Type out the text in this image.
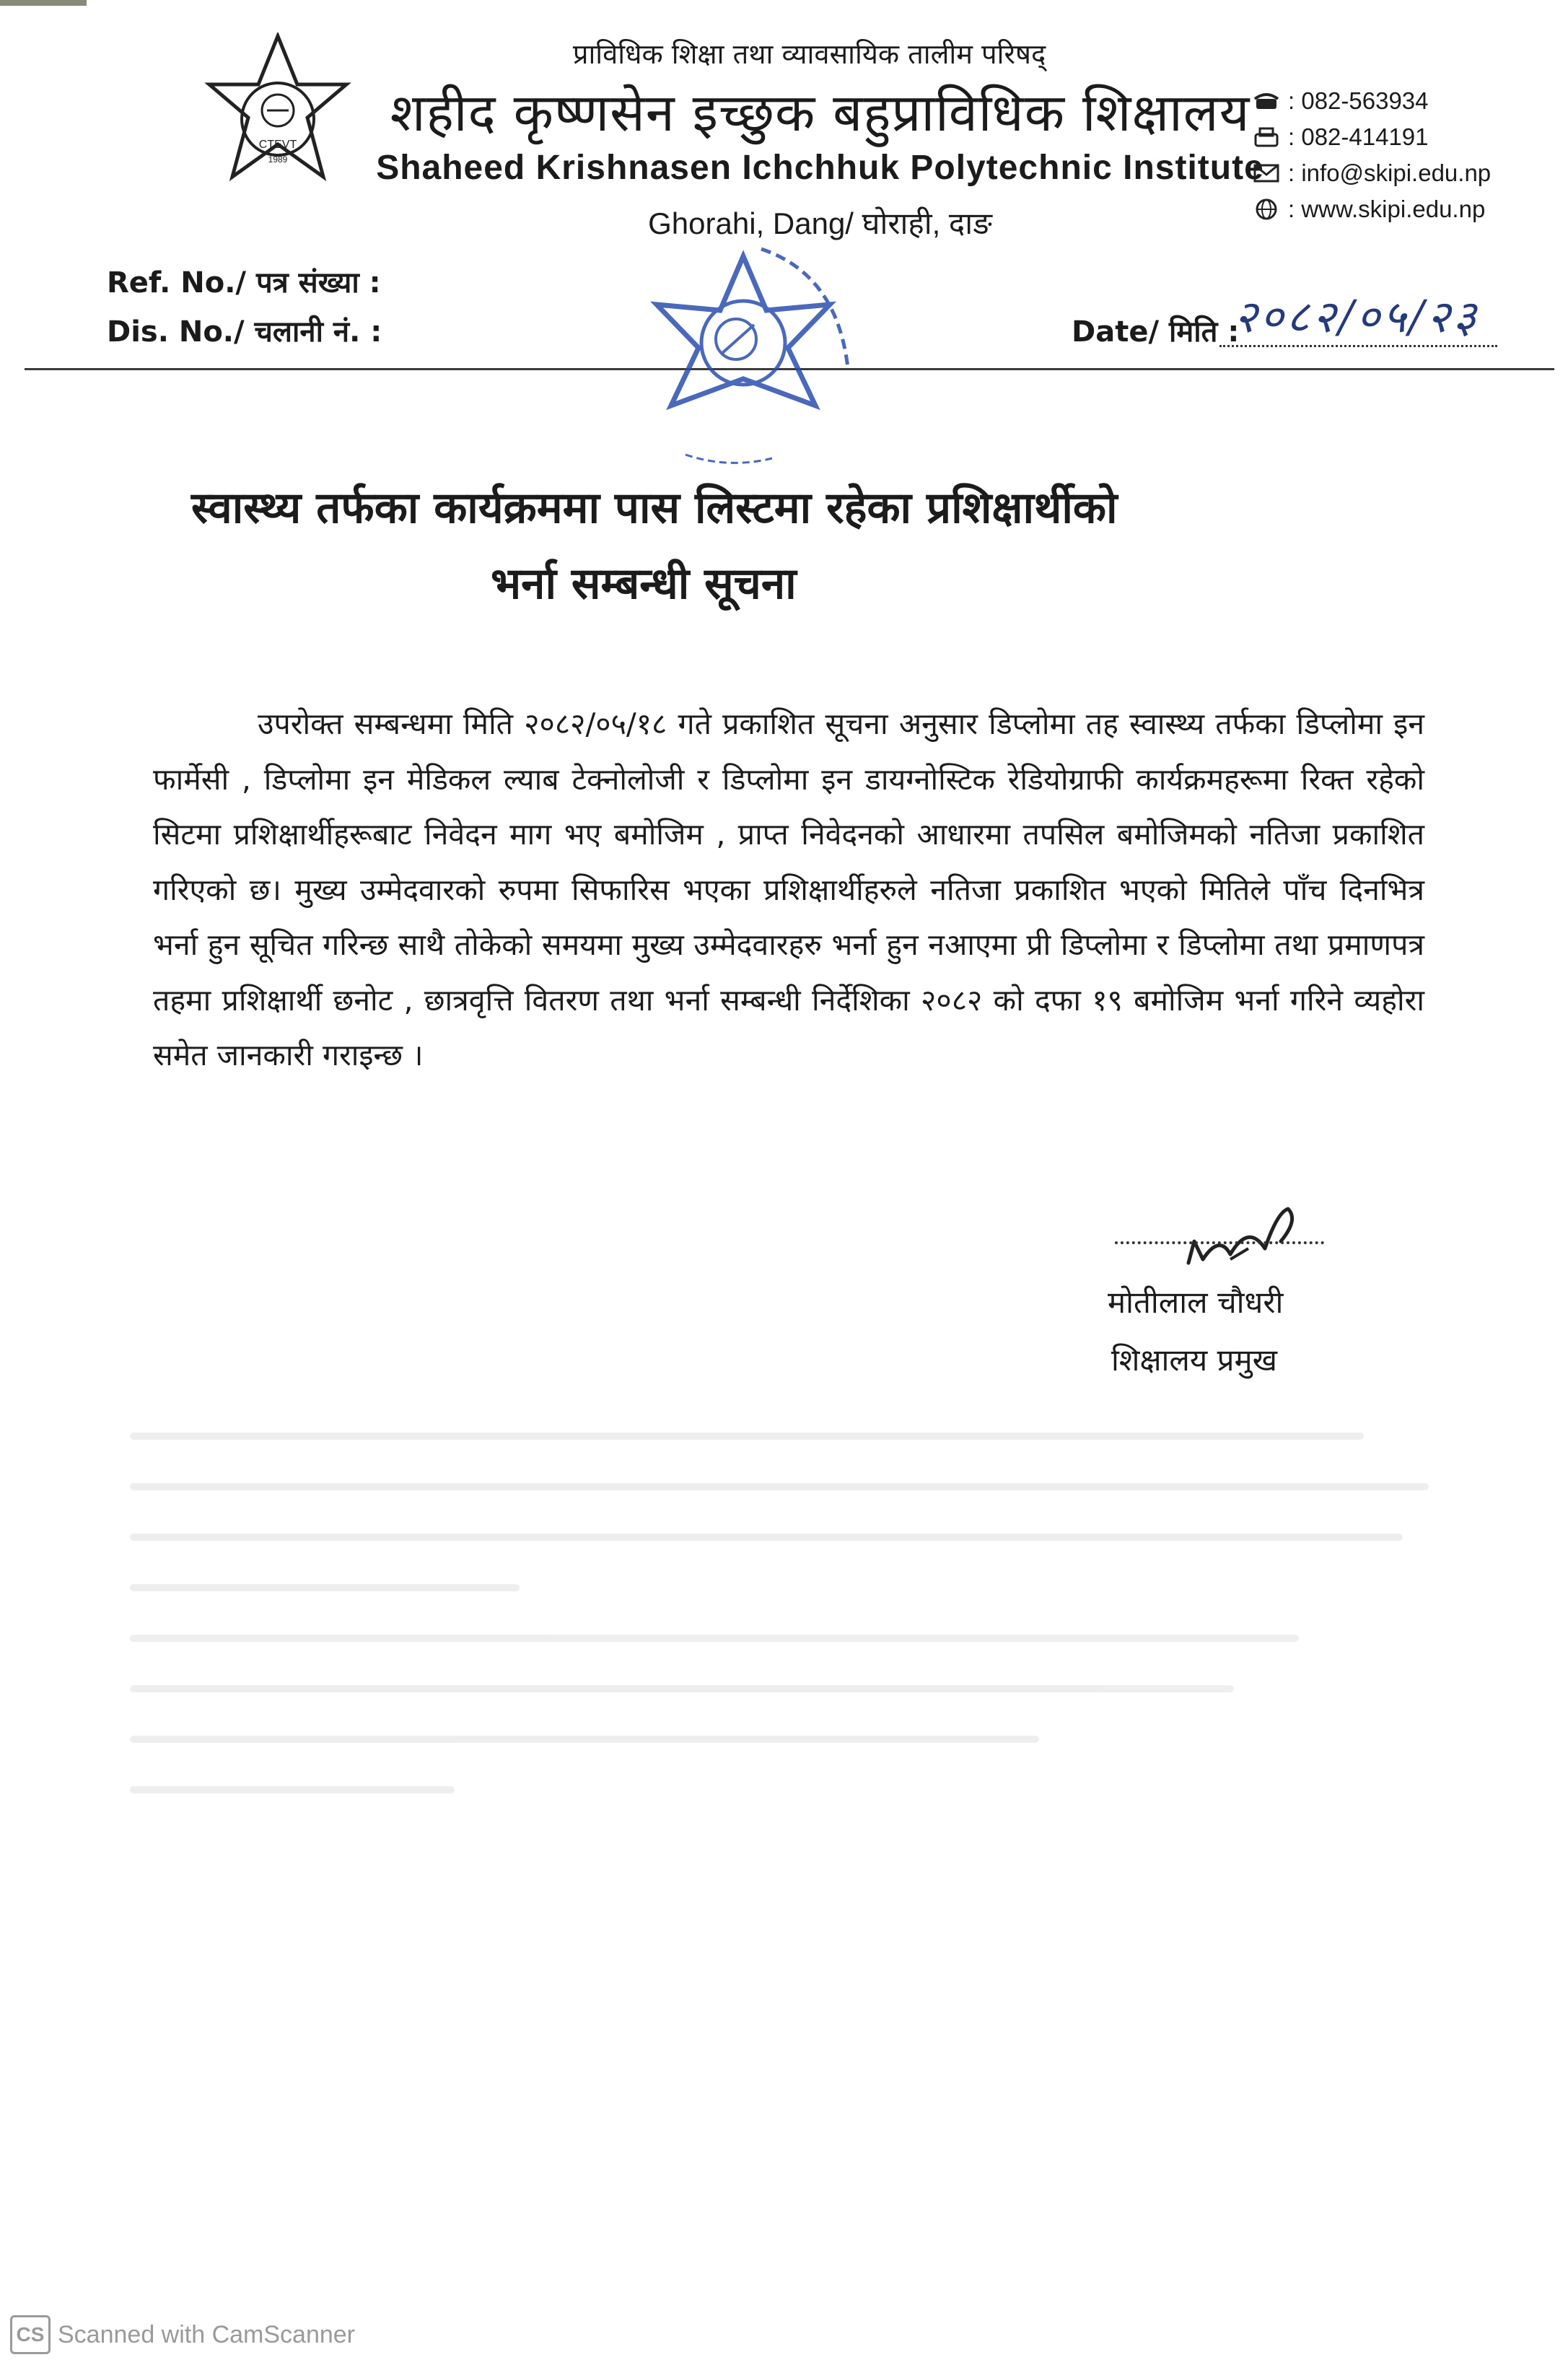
CTEVT
1989
प्राविधिक शिक्षा तथा व्यावसायिक तालीम परिषद्
शहीद कृष्णसेन इच्छुक बहुप्राविधिक शिक्षालय
Shaheed Krishnasen Ichchhuk Polytechnic Institute
Ghorahi, Dang/ घोराही, दाङ
: 082-563934
: 082-414191
: info@skipi.edu.np
: www.skipi.edu.np
Ref. No./ पत्र संख्या :
Dis. No./ चलानी नं. :	Date/ मिति :
२०८२/०५/२३
स्वास्थ्य तर्फका कार्यक्रममा पास लिस्टमा रहेका प्रशिक्षार्थीको
भर्ना सम्बन्धी सूचना
उपरोक्त सम्बन्धमा मिति २०८२/०५/१८ गते प्रकाशित सूचना अनुसार डिप्लोमा तह स्वास्थ्य तर्फका डिप्लोमा इन फार्मेसी , डिप्लोमा इन मेडिकल ल्याब टेक्नोलोजी र डिप्लोमा इन डायग्नोस्टिक रेडियोग्राफी कार्यक्रमहरूमा रिक्त रहेको सिटमा प्रशिक्षार्थीहरूबाट निवेदन माग भए बमोजिम , प्राप्त निवेदनको आधारमा तपसिल बमोजिमको नतिजा प्रकाशित गरिएको छ। मुख्य उम्मेदवारको रुपमा सिफारिस भएका प्रशिक्षार्थीहरुले नतिजा प्रकाशित भएको मितिले पाँच दिनभित्र भर्ना हुन सूचित गरिन्छ साथै तोकेको समयमा मुख्य उम्मेदवारहरु भर्ना हुन नआएमा प्री डिप्लोमा र डिप्लोमा तथा प्रमाणपत्र तहमा प्रशिक्षार्थी छनोट , छात्रवृत्ति वितरण तथा भर्ना सम्बन्धी निर्देशिका २०८२ को दफा १९ बमोजिम भर्ना गरिने व्यहोरा समेत जानकारी गराइन्छ ।
मोतीलाल चौधरी
शिक्षालय प्रमुख
CS Scanned with CamScanner
